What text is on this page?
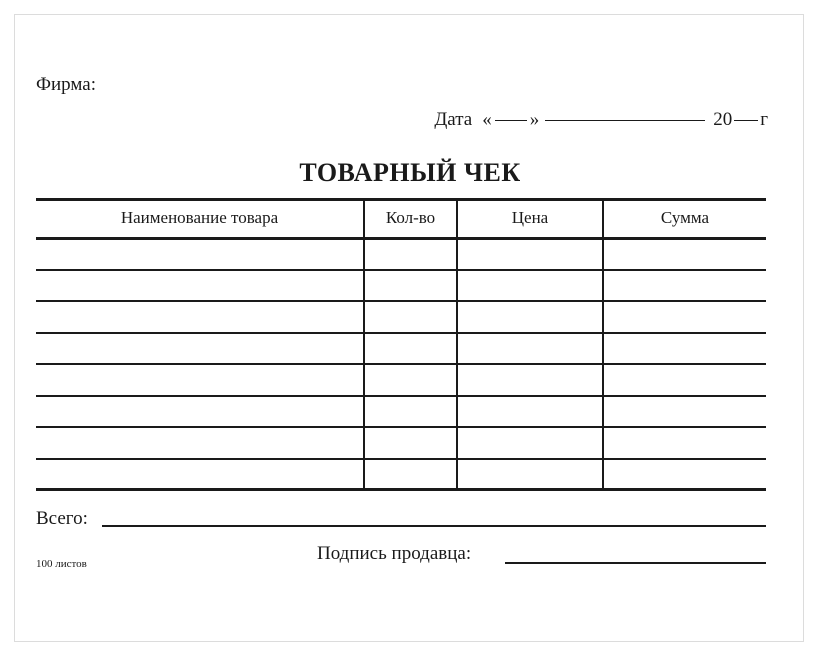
Фирма:
Дата « »	20 г
ТОВАРНЫЙ ЧЕК
Наименование товара	Кол-во	Цена	Сумма
Всего:
100 листов	Подпись продавца:
